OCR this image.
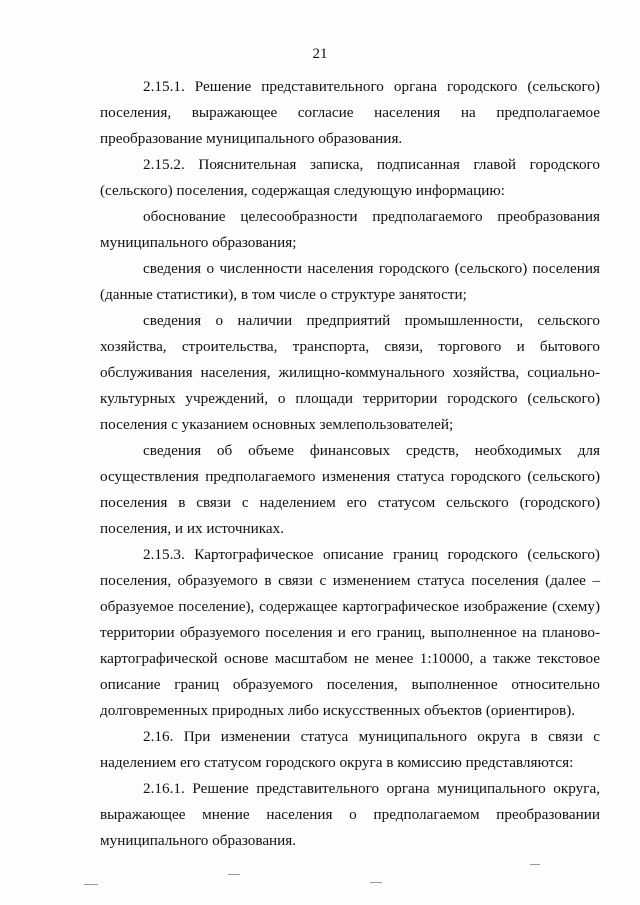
21

2.15.1. Решение представительного органа городского (сельского) поселения, выражающее согласие населения на предполагаемое преобразование муниципального образования.

2.15.2. Пояснительная записка, подписанная главой городского (сельского) поселения, содержащая следующую информацию:

обоснование целесообразности предполагаемого преобразования муниципального образования;

сведения о численности населения городского (сельского) поселения (данные статистики), в том числе о структуре занятости;

сведения о наличии предприятий промышленности, сельского хозяйства, строительства, транспорта, связи, торгового и бытового обслуживания населения, жилищно-коммунального хозяйства, социально-культурных учреждений, о площади территории городского (сельского) поселения с указанием основных землепользователей;

сведения об объеме финансовых средств, необходимых для осуществления предполагаемого изменения статуса городского (сельского) поселения в связи с наделением его статусом сельского (городского) поселения, и их источниках.

2.15.3. Картографическое описание границ городского (сельского) поселения, образуемого в связи с изменением статуса поселения (далее – образуемое поселение), содержащее картографическое изображение (схему) территории образуемого поселения и его границ, выполненное на планово-картографической основе масштабом не менее 1:10000, а также текстовое описание границ образуемого поселения, выполненное относительно долговременных природных либо искусственных объектов (ориентиров).

2.16. При изменении статуса муниципального округа в связи с наделением его статусом городского округа в комиссию представляются:

2.16.1. Решение представительного органа муниципального округа, выражающее мнение населения о предполагаемом преобразовании муниципального образования.
